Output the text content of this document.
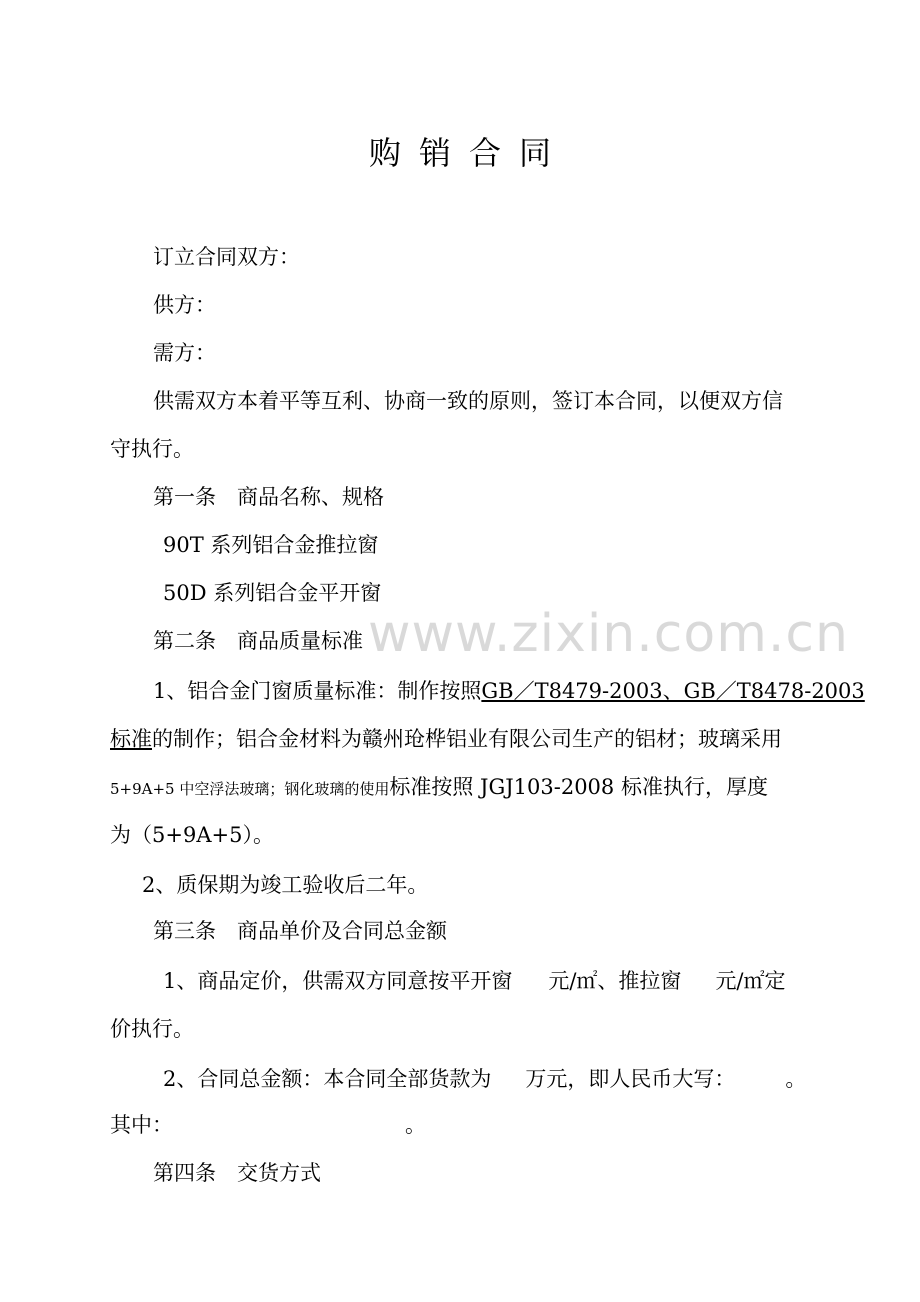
购销合同
订立合同双方：
供方：
需方：
供需双方本着平等互利、协商一致的原则，签订本合同，以便双方信
守执行。
第一条　商品名称、规格
90T 系列铝合金推拉窗
50D 系列铝合金平开窗
www.zixin.com.cn
第二条　商品质量标准
1、铝合金门窗质量标准：制作按照GB／T8479-2003、GB／T8478-2003
标准的制作；铝合金材料为赣州玱桦铝业有限公司生产的铝材；玻璃采用
5+9A+5 中空浮法玻璃；钢化玻璃的使用标准按照 JGJ103-2008 标准执行，厚度
为（5+9A+5）。
2、质保期为竣工验收后二年。
第三条　商品单价及合同总金额
1、商品定价，供需双方同意按平开窗 元/㎡、推拉窗 元/㎡定
价执行。
2、合同总金额：本合同全部货款为 万元，即人民币大写： 。
其中：	。
第四条　交货方式
